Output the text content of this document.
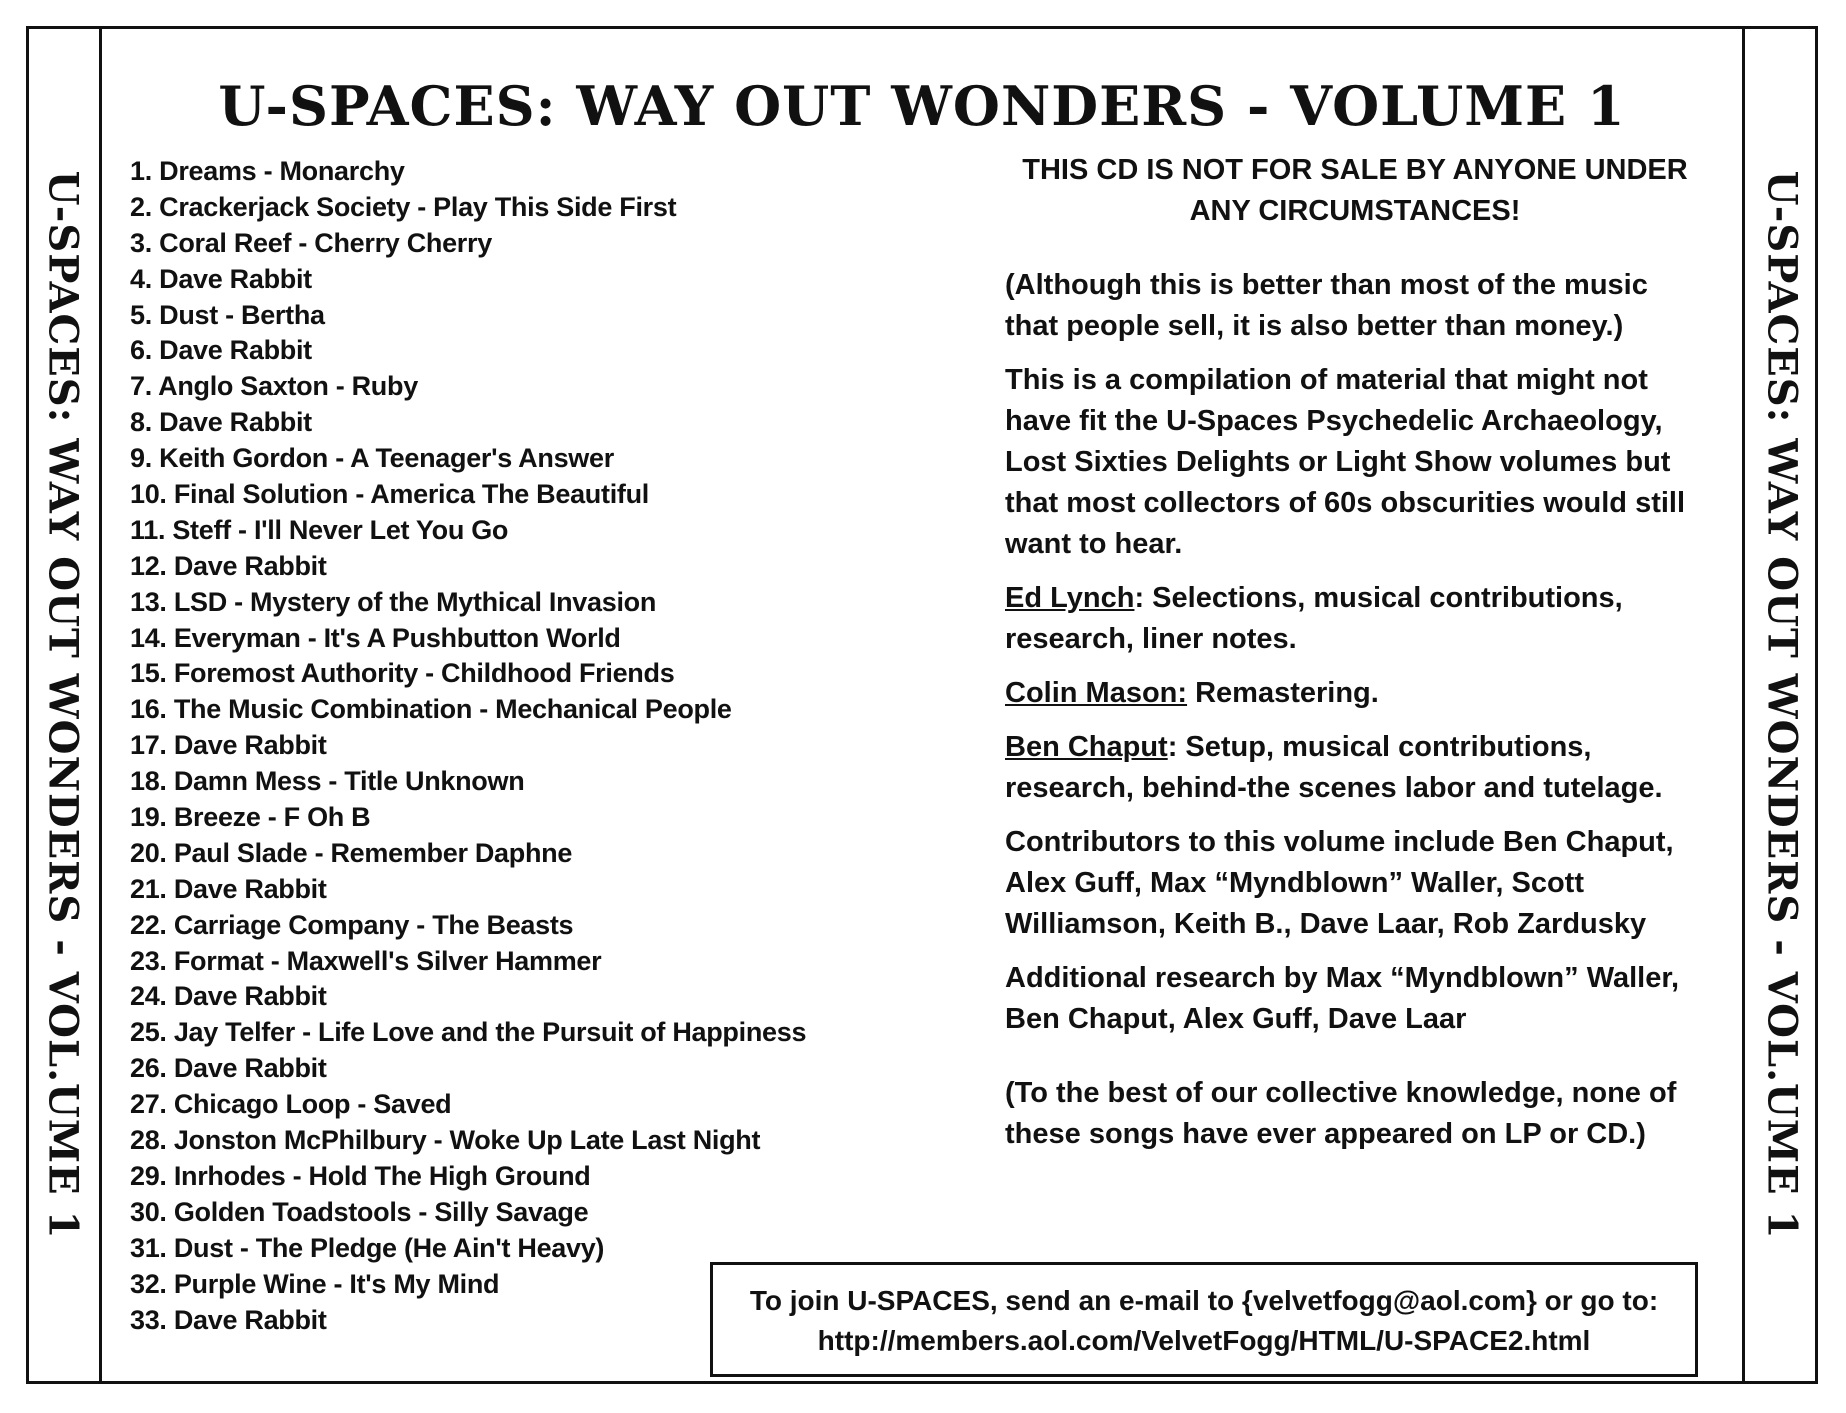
U-SPACES: WAY OUT WONDERS - VOL.UME 1	U-SPACES: WAY OUT WONDERS - VOL.UME 1
U-SPACES: WAY OUT WONDERS - VOLUME 1
1. Dreams - Monarchy
2. Crackerjack Society - Play This Side First
3. Coral Reef - Cherry Cherry
4. Dave Rabbit
5. Dust - Bertha
6. Dave Rabbit
7. Anglo Saxton - Ruby
8. Dave Rabbit
9. Keith Gordon - A Teenager's Answer
10. Final Solution - America The Beautiful
11. Steff - I'll Never Let You Go
12. Dave Rabbit
13. LSD - Mystery of the Mythical Invasion
14. Everyman - It's A Pushbutton World
15. Foremost Authority - Childhood Friends
16. The Music Combination - Mechanical People
17. Dave Rabbit
18. Damn Mess - Title Unknown
19. Breeze - F Oh B
20. Paul Slade - Remember Daphne
21. Dave Rabbit
22. Carriage Company - The Beasts
23. Format - Maxwell's Silver Hammer
24. Dave Rabbit
25. Jay Telfer - Life Love and the Pursuit of Happiness
26. Dave Rabbit
27. Chicago Loop - Saved
28. Jonston McPhilbury - Woke Up Late Last Night
29. Inrhodes - Hold The High Ground
30. Golden Toadstools - Silly Savage
31. Dust - The Pledge (He Ain't Heavy)
32. Purple Wine - It's My Mind
33. Dave Rabbit

THIS CD IS NOT FOR SALE BY ANYONE UNDER
ANY CIRCUMSTANCES!

(Although this is better than most of the music that people sell, it is also better than money.)

This is a compilation of material that might not have fit the U-Spaces Psychedelic Archaeology, Lost Sixties Delights or Light Show volumes but that most collectors of 60s obscurities would still want to hear.

Ed Lynch: Selections, musical contributions, research, liner notes.

Colin Mason: Remastering.

Ben Chaput: Setup, musical contributions, research, behind-the scenes labor and tutelage.

Contributors to this volume include Ben Chaput, Alex Guff, Max “Myndblown” Waller, Scott Williamson, Keith B., Dave Laar, Rob Zardusky

Additional research by Max “Myndblown” Waller, Ben Chaput, Alex Guff, Dave Laar

(To the best of our collective knowledge, none of these songs have ever appeared on LP or CD.)

To join U-SPACES, send an e-mail to {velvetfogg@aol.com} or go to:
http://members.aol.com/VelvetFogg/HTML/U-SPACE2.html
